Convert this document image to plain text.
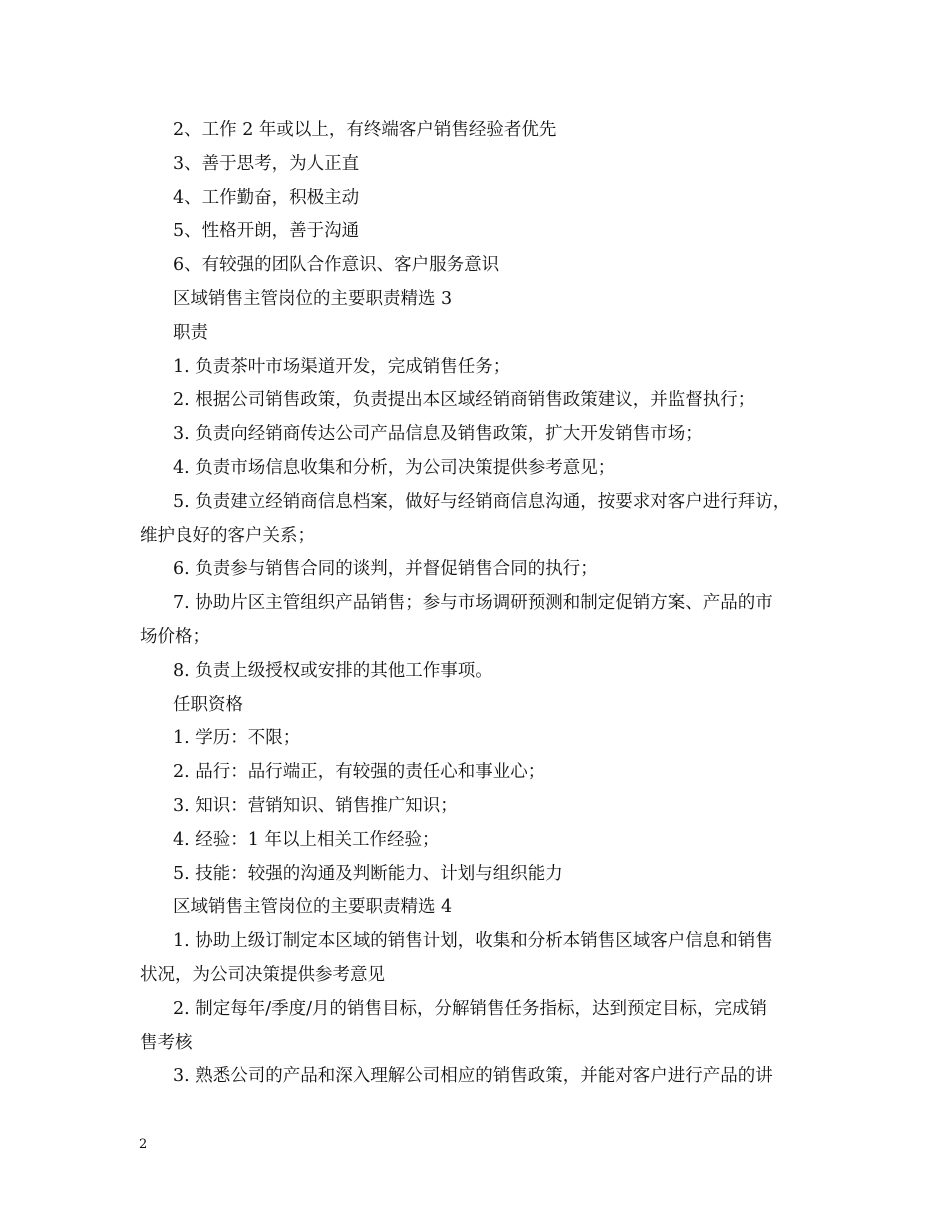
2、工作 2 年或以上，有终端客户销售经验者优先
3、善于思考，为人正直
4、工作勤奋，积极主动
5、性格开朗，善于沟通
6、有较强的团队合作意识、客户服务意识
区域销售主管岗位的主要职责精选 3
职责
1. 负责茶叶市场渠道开发，完成销售任务；
2. 根据公司销售政策，负责提出本区域经销商销售政策建议，并监督执行；
3. 负责向经销商传达公司产品信息及销售政策，扩大开发销售市场；
4. 负责市场信息收集和分析，为公司决策提供参考意见；
5. 负责建立经销商信息档案，做好与经销商信息沟通，按要求对客户进行拜访，
维护良好的客户关系；
6. 负责参与销售合同的谈判，并督促销售合同的执行；
7. 协助片区主管组织产品销售；参与市场调研预测和制定促销方案、产品的市
场价格；
8. 负责上级授权或安排的其他工作事项。
任职资格
1. 学历：不限；
2. 品行：品行端正，有较强的责任心和事业心；
3. 知识：营销知识、销售推广知识；
4. 经验：1 年以上相关工作经验；
5. 技能：较强的沟通及判断能力、计划与组织能力
区域销售主管岗位的主要职责精选 4
1. 协助上级订制定本区域的销售计划，收集和分析本销售区域客户信息和销售
状况，为公司决策提供参考意见
2. 制定每年/季度/月的销售目标，分解销售任务指标，达到预定目标，完成销
售考核
3. 熟悉公司的产品和深入理解公司相应的销售政策，并能对客户进行产品的讲
2
